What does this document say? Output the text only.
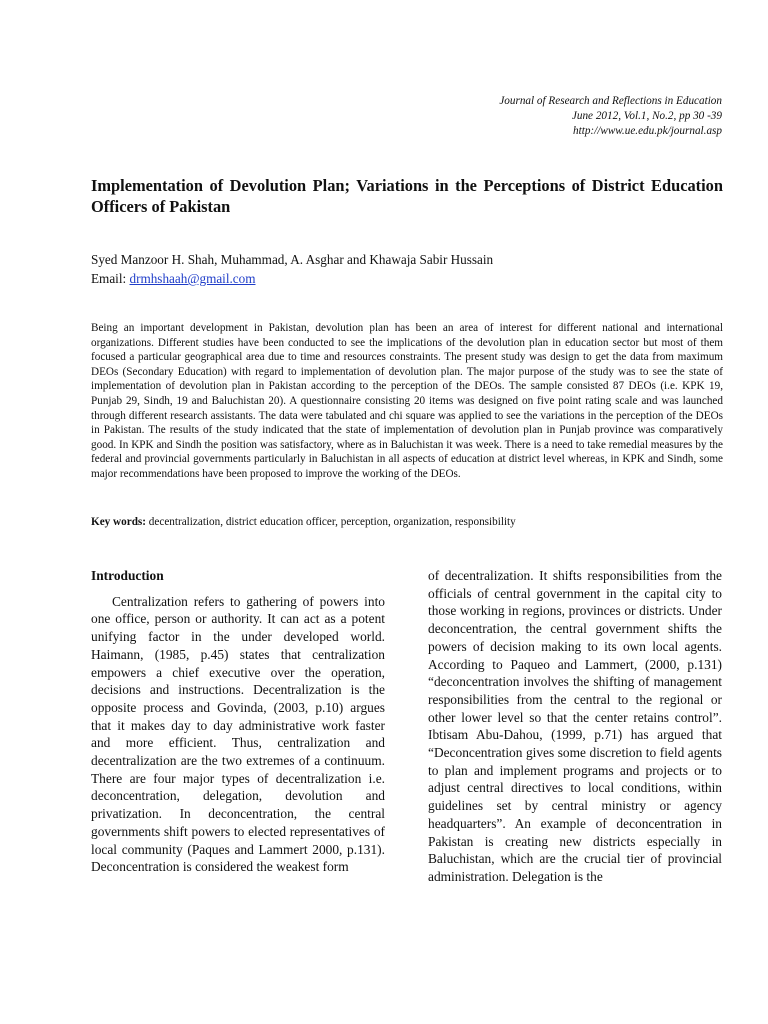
Journal of Research and Reflections in Education
June 2012, Vol.1, No.2, pp 30 -39
http://www.ue.edu.pk/journal.asp
Implementation of Devolution Plan; Variations in the Perceptions of District Education Officers of Pakistan
Syed Manzoor H. Shah, Muhammad, A. Asghar and Khawaja Sabir Hussain
Email: drmhshaah@gmail.com

Being an important development in Pakistan, devolution plan has been an area of interest for different national and international organizations. Different studies have been conducted to see the implications of the devolution plan in education sector but most of them focused a particular geographical area due to time and resources constraints. The present study was design to get the data from maximum DEOs (Secondary Education) with regard to implementation of devolution plan. The major purpose of the study was to see the state of implementation of devolution plan in Pakistan according to the perception of the DEOs. The sample consisted 87 DEOs (i.e. KPK 19, Punjab 29, Sindh, 19 and Baluchistan 20). A questionnaire consisting 20 items was designed on five point rating scale and was launched through different research assistants. The data were tabulated and chi square was applied to see the variations in the perception of the DEOs in Pakistan. The results of the study indicated that the state of implementation of devolution plan in Punjab province was comparatively good. In KPK and Sindh the position was satisfactory, where as in Baluchistan it was week. There is a need to take remedial measures by the federal and provincial governments particularly in Baluchistan in all aspects of education at district level whereas, in KPK and Sindh, some major recommendations have been proposed to improve the working of the DEOs.

Key words: decentralization, district education officer, perception, organization, responsibility
Introduction

Centralization refers to gathering of powers into one office, person or authority. It can act as a potent unifying factor in the under developed world. Haimann, (1985, p.45) states that centralization empowers a chief executive over the operation, decisions and instructions. Decentralization is the opposite process and Govinda, (2003, p.10) argues that it makes day to day administrative work faster and more efficient. Thus, centralization and decentralization are the two extremes of a continuum. There are four major types of decentralization i.e. deconcentration, delegation, devolution and privatization. In deconcentration, the central governments shift powers to elected representatives of local community (Paques and Lammert 2000, p.131). Deconcentration is considered the weakest form

of decentralization. It shifts responsibilities from the officials of central government in the capital city to those working in regions, provinces or districts. Under deconcentration, the central government shifts the powers of decision making to its own local agents. According to Paqueo and Lammert, (2000, p.131) “deconcentration involves the shifting of management responsibilities from the central to the regional or other lower level so that the center retains control”. Ibtisam Abu-Dahou, (1999, p.71) has argued that “Deconcentration gives some discretion to field agents to plan and implement programs and projects or to adjust central directives to local conditions, within guidelines set by central ministry or agency headquarters”. An example of deconcentration in Pakistan is creating new districts especially in Baluchistan, which are the crucial tier of provincial administration. Delegation is the
